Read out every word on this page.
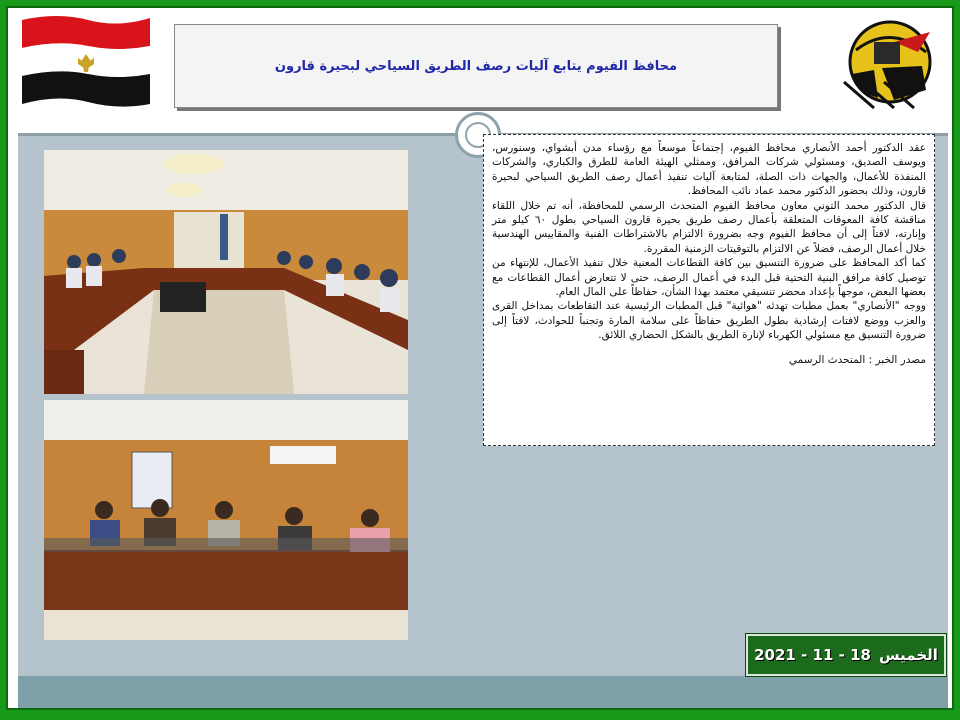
محافظ الفيوم يتابع آليات رصف الطريق السياحي لبحيرة قارون

عقد الدكتور أحمد الأنصاري محافظ الفيوم، إجتماعاً موسعاً مع رؤساء مدن أبشواي، وسنورس، ويوسف الصديق، ومسئولي شركات المرافق، وممثلي الهيئة العامة للطرق والكباري، والشركات المنفذة للأعمال، والجهات ذات الصلة، لمتابعة آليات تنفيذ أعمال رصف الطريق السياحي لبحيرة قارون، وذلك بحضور الدكتور محمد عماد نائب المحافظ.

قال الدكتور محمد التوني معاون محافظ الفيوم المتحدث الرسمي للمحافظة، أنه تم خلال اللقاء مناقشة كافة المعوقات المتعلقة بأعمال رصف طريق بحيرة قارون السياحي بطول ٦٠ كيلو متر وإنارته، لافتاً إلى أن محافظ الفيوم وجه بضرورة الالتزام بالاشتراطات الفنية والمقاييس الهندسية خلال أعمال الرصف، فضلاً عن الالتزام بالتوقيتات الزمنية المقررة.

كما أكد المحافظ على ضرورة التنسيق بين كافة القطاعات المعنية خلال تنفيذ الأعمال، للإنتهاء من توصيل كافة مرافق البنية التحتية قبل البدء في أعمال الرصف، حتى لا تتعارض أعمال القطاعات مع بعضها البعض، موجهاً بإعداد محضر تنسيقي معتمد بهذا الشأن، حفاظاً على المال العام.

ووجه "الأنصاري" بعمل مطبات تهدئه "هوائية" قبل المطبات الرئيسية عند التقاطعات بمداخل القرى والعزب ووضع لافتات إرشادية بطول الطريق حفاظاً على سلامة المارة وتجنباً للحوادث، لافتاً إلى ضرورة التنسيق مع مسئولي الكهرباء لإنارة الطريق بالشكل الحضاري اللائق.

مصدر الخبر : المتحدث الرسمي

الخميس
18 - 11 - 2021
